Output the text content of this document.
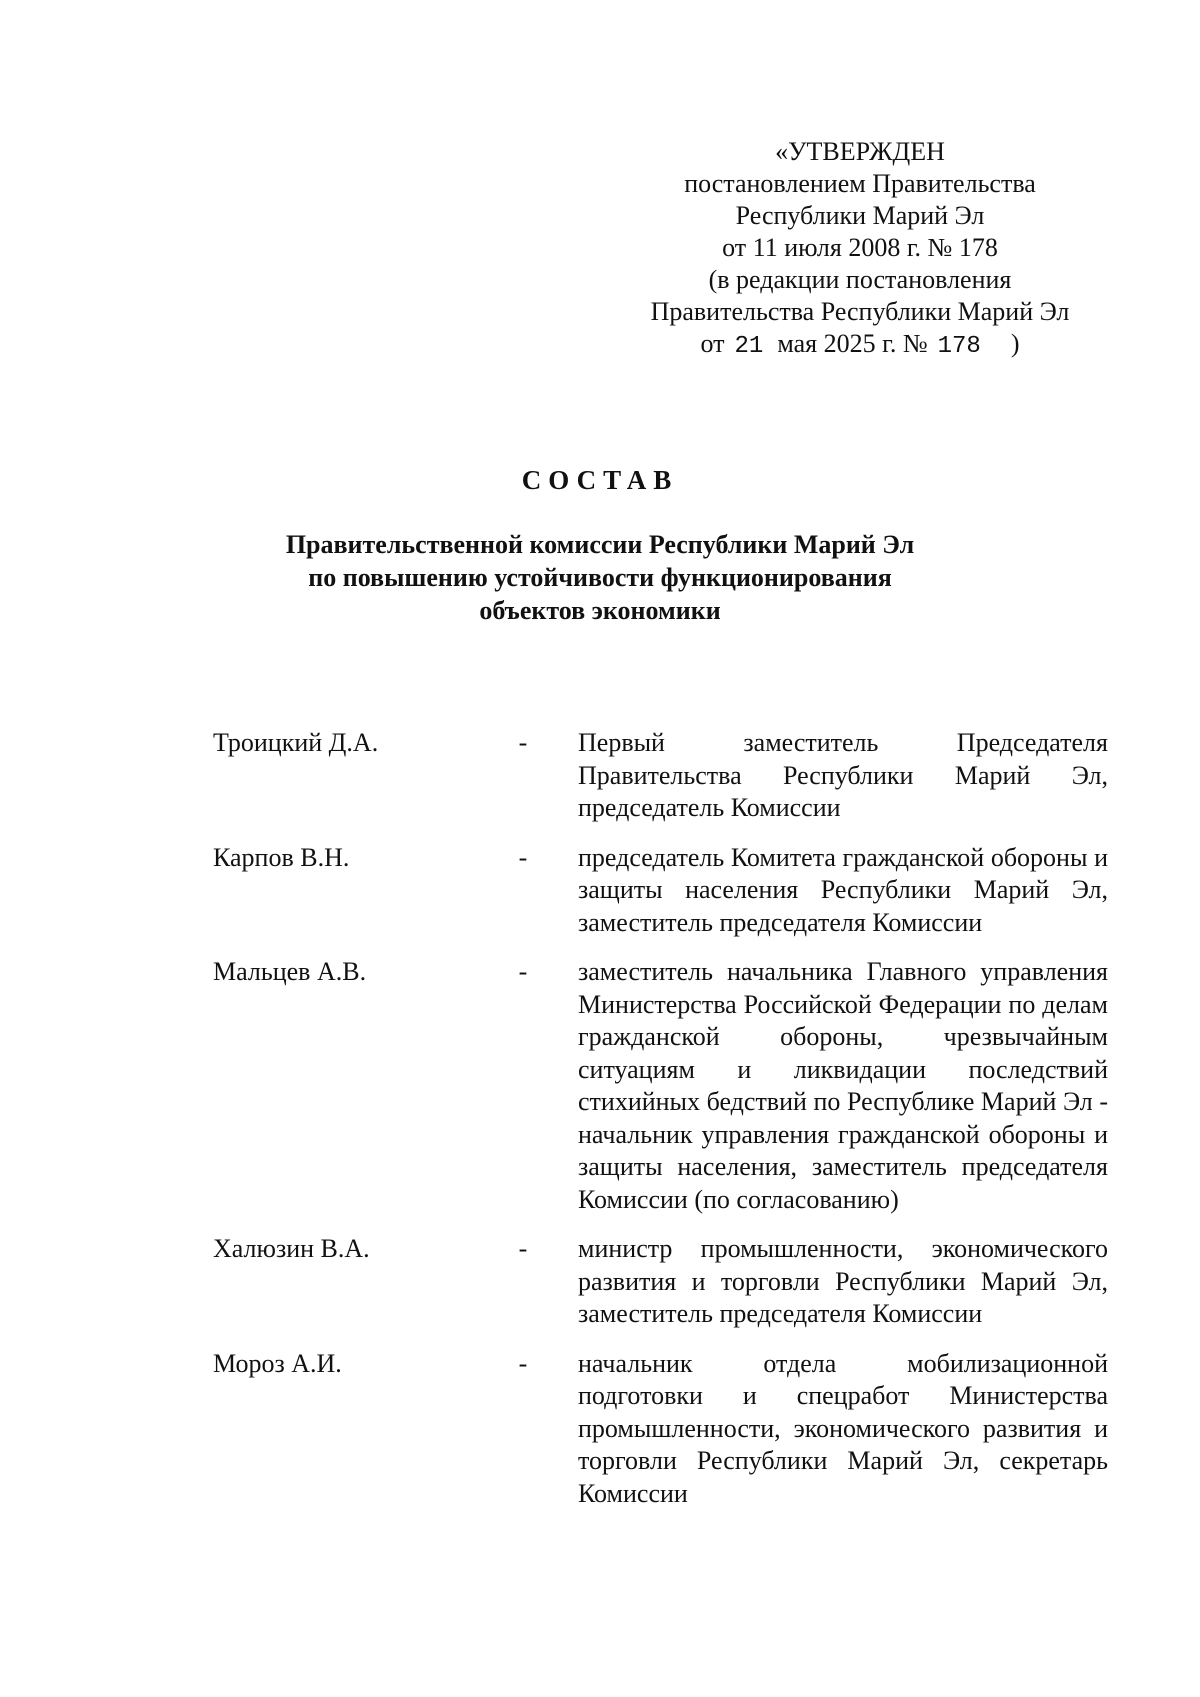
«УТВЕРЖДЕН
постановлением Правительства
Республики Марий Эл
от 11 июля 2008 г. № 178
(в редакции постановления
Правительства Республики Марий Эл
от 21 мая 2025 г. № 178 )
СОСТАВ
Правительственной комиссии Республики Марий Эл
по повышению устойчивости функционирования
объектов экономики
Троицкий Д.А.	-	Первый заместитель Председателя Правительства Республики Марий Эл, председатель Комиссии
Карпов В.Н.	-	председатель Комитета гражданской обороны и защиты населения Республики Марий Эл, заместитель председателя Комиссии
Мальцев А.В.	-	заместитель начальника Главного управления Министерства Российской Федерации по делам гражданской обороны, чрезвычайным ситуациям и ликвидации последствий стихийных бедствий по Республике Марий Эл - начальник управления гражданской обороны и защиты населения, заместитель председателя Комиссии (по согласованию)
Халюзин В.А.	-	министр промышленности, экономического развития и торговли Республики Марий Эл, заместитель председателя Комиссии
Мороз А.И.	-	начальник отдела мобилизационной подготовки и спецработ Министерства промышленности, экономического развития и торговли Республики Марий Эл, секретарь Комиссии
